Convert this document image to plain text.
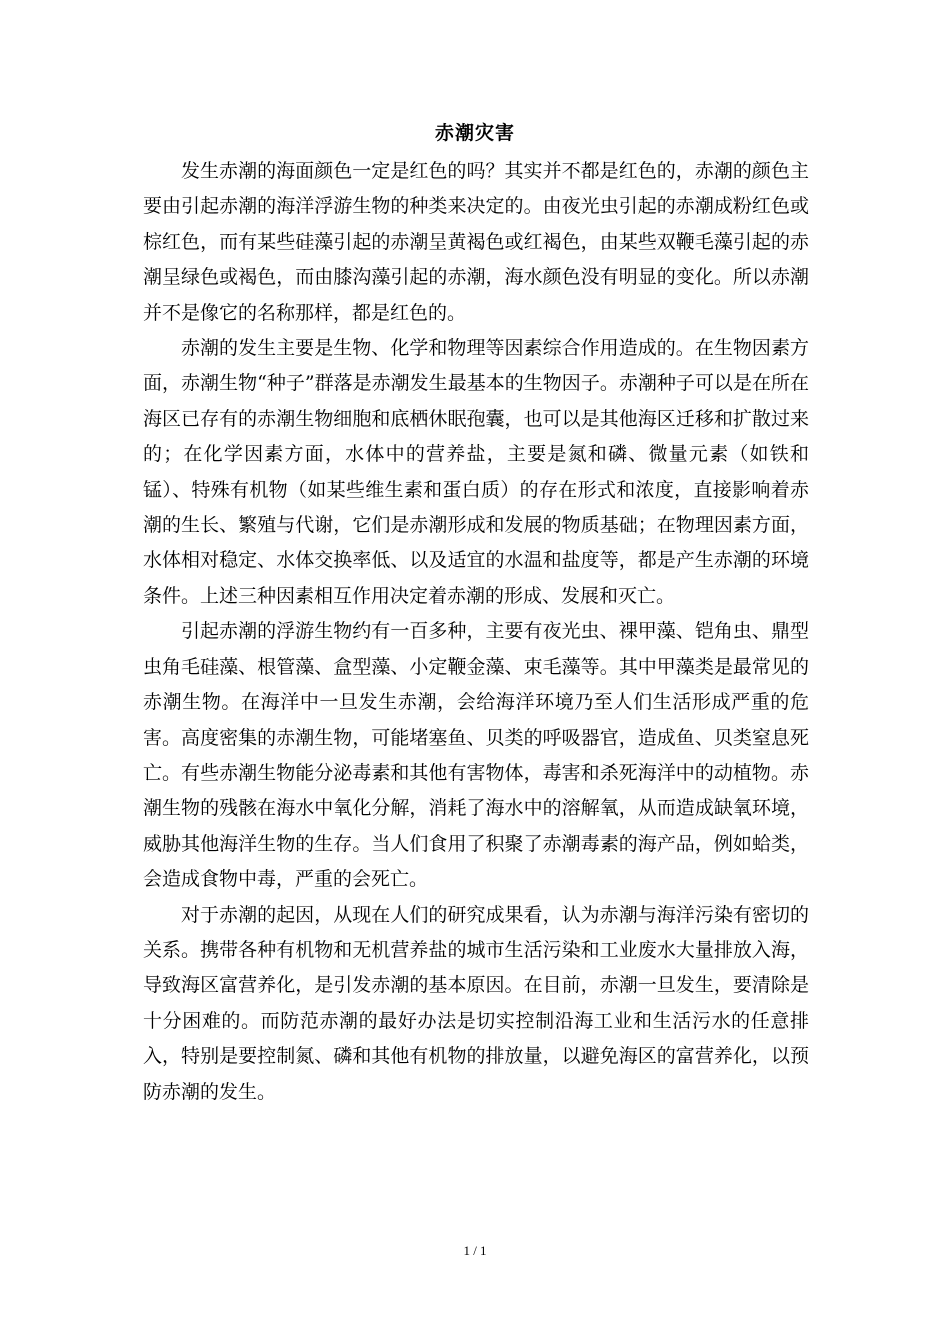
赤潮灾害

发生赤潮的海面颜色一定是红色的吗？其实并不都是红色的，赤潮的颜色主要由引起赤潮的海洋浮游生物的种类来决定的。由夜光虫引起的赤潮成粉红色或棕红色，而有某些硅藻引起的赤潮呈黄褐色或红褐色，由某些双鞭毛藻引起的赤潮呈绿色或褐色，而由膝沟藻引起的赤潮，海水颜色没有明显的变化。所以赤潮并不是像它的名称那样，都是红色的。

赤潮的发生主要是生物、化学和物理等因素综合作用造成的。在生物因素方面，赤潮生物“种子”群落是赤潮发生最基本的生物因子。赤潮种子可以是在所在海区已存有的赤潮生物细胞和底栖休眠孢囊，也可以是其他海区迁移和扩散过来的；在化学因素方面，水体中的营养盐，主要是氮和磷、微量元素（如铁和锰）、特殊有机物（如某些维生素和蛋白质）的存在形式和浓度，直接影响着赤潮的生长、繁殖与代谢，它们是赤潮形成和发展的物质基础；在物理因素方面，水体相对稳定、水体交换率低、以及适宜的水温和盐度等，都是产生赤潮的环境条件。上述三种因素相互作用决定着赤潮的形成、发展和灭亡。

引起赤潮的浮游生物约有一百多种，主要有夜光虫、裸甲藻、铠角虫、鼎型虫角毛硅藻、根管藻、盒型藻、小定鞭金藻、束毛藻等。其中甲藻类是最常见的赤潮生物。在海洋中一旦发生赤潮，会给海洋环境乃至人们生活形成严重的危害。高度密集的赤潮生物，可能堵塞鱼、贝类的呼吸器官，造成鱼、贝类窒息死亡。有些赤潮生物能分泌毒素和其他有害物体，毒害和杀死海洋中的动植物。赤潮生物的残骸在海水中氧化分解，消耗了海水中的溶解氧，从而造成缺氧环境，威胁其他海洋生物的生存。当人们食用了积聚了赤潮毒素的海产品，例如蛤类，会造成食物中毒，严重的会死亡。

对于赤潮的起因，从现在人们的研究成果看，认为赤潮与海洋污染有密切的关系。携带各种有机物和无机营养盐的城市生活污染和工业废水大量排放入海，导致海区富营养化，是引发赤潮的基本原因。在目前，赤潮一旦发生，要清除是十分困难的。而防范赤潮的最好办法是切实控制沿海工业和生活污水的任意排入，特别是要控制氮、磷和其他有机物的排放量，以避免海区的富营养化，以预防赤潮的发生。

1 / 1
